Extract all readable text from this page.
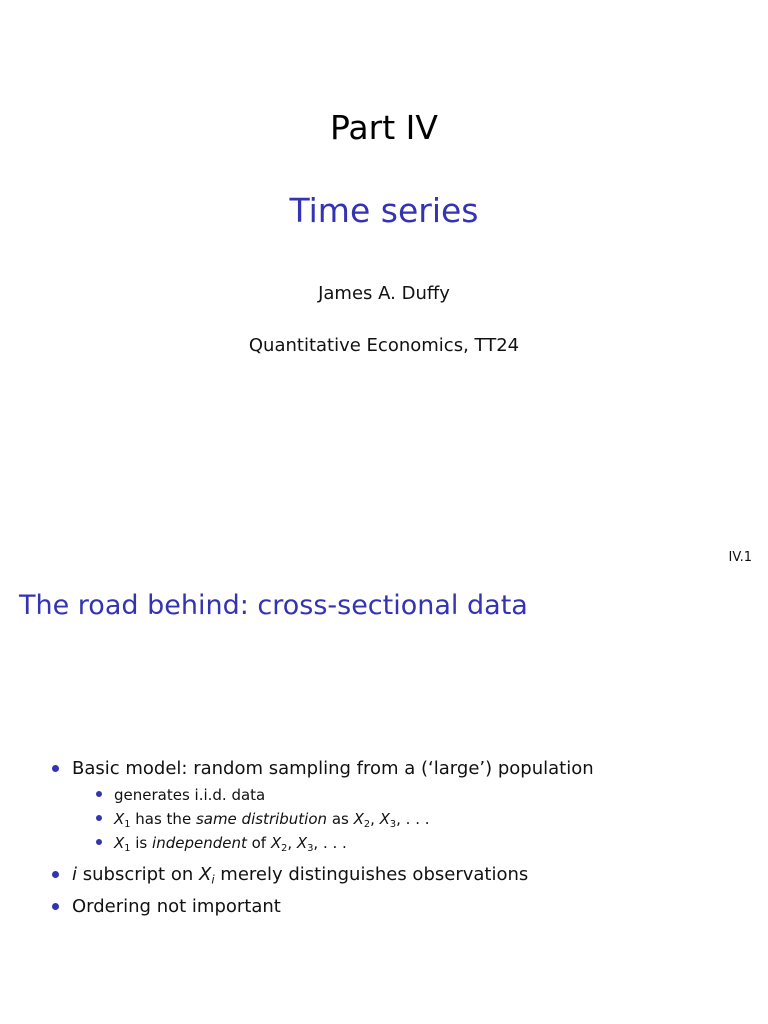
Part IV
Time series
James A. Duffy
Quantitative Economics, TT24
IV.1
The road behind: cross-sectional data
Basic model: random sampling from a (‘large’) population
generates i.i.d. data
$X_1$ has the same distribution as $X_2$, $X_3$, . . .
$X_1$ is independent of $X_2$, $X_3$, . . .
i subscript on $X_i$ merely distinguishes observations
Ordering not important
